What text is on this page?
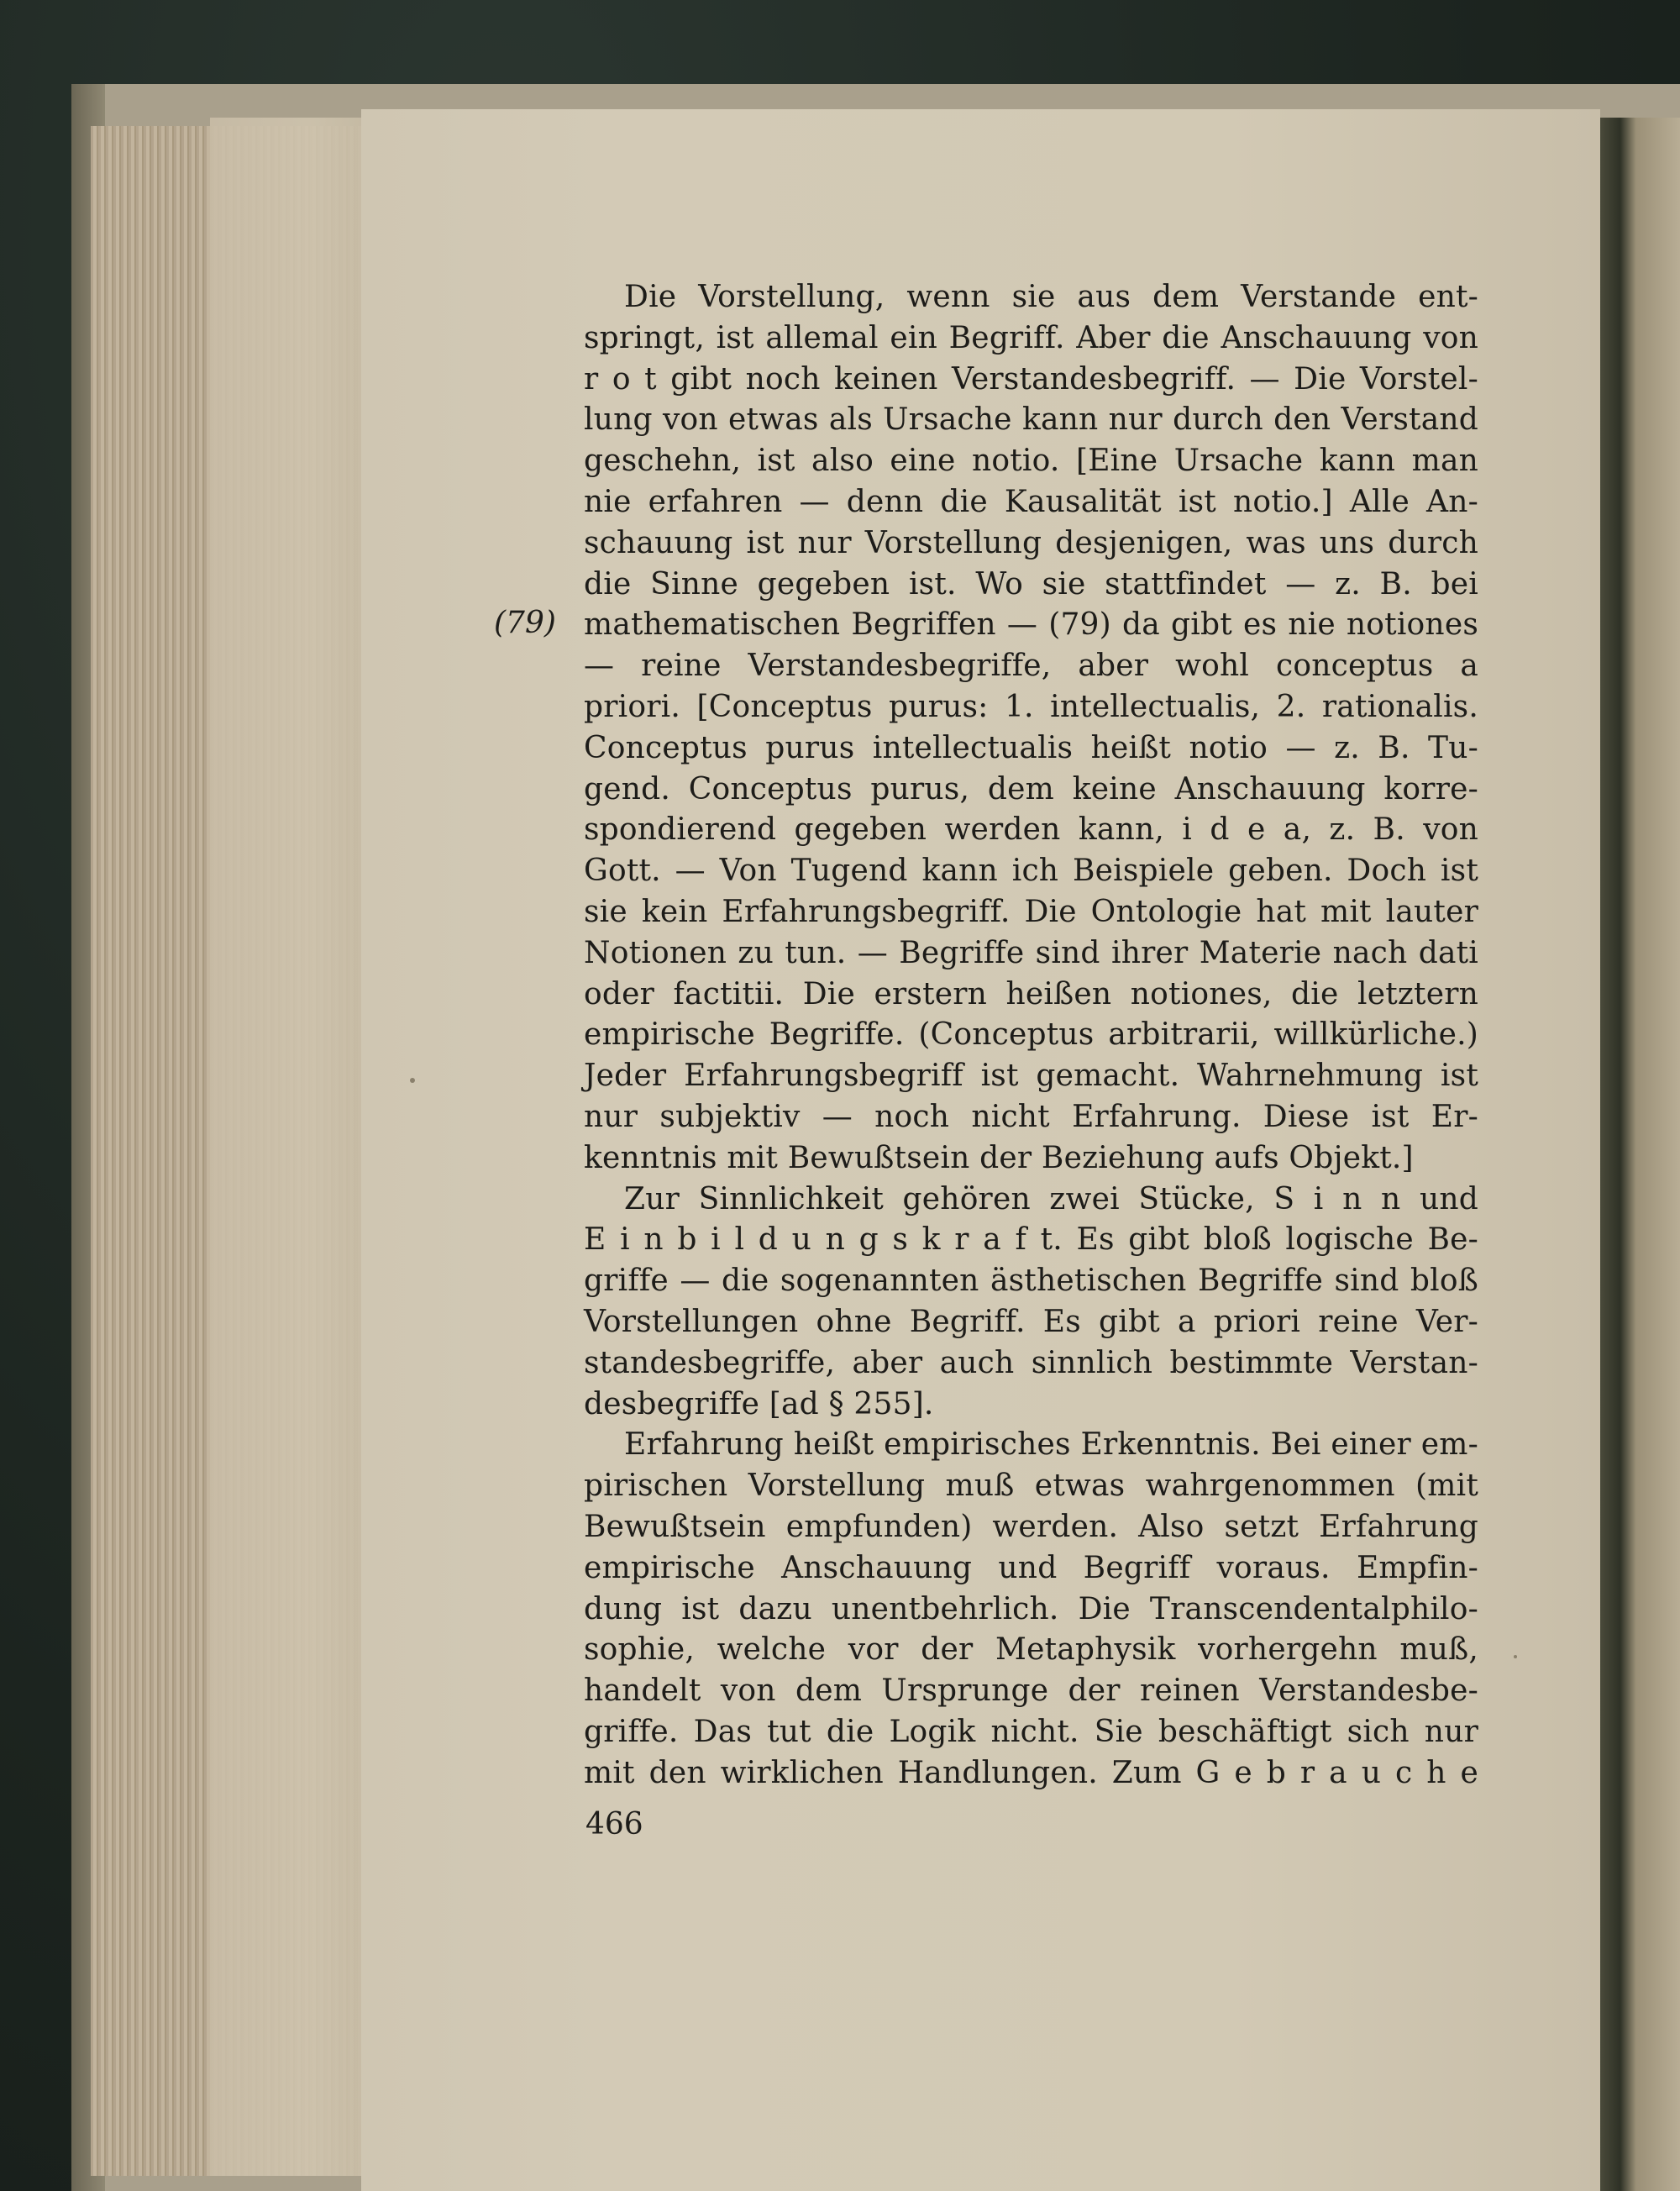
(79)
Die Vorstellung, wenn sie aus dem Verstande ent-
springt, ist allemal ein Begriff. Aber die Anschauung von
r o t gibt noch keinen Verstandesbegriff. — Die Vorstel-
lung von etwas als Ursache kann nur durch den Verstand
geschehn, ist also eine notio. [Eine Ursache kann man
nie erfahren — denn die Kausalität ist notio.] Alle An-
schauung ist nur Vorstellung desjenigen, was uns durch
die Sinne gegeben ist. Wo sie stattfindet — z. B. bei
mathematischen Begriffen — (79) da gibt es nie notiones
— reine Verstandesbegriffe, aber wohl conceptus a
priori. [Conceptus purus: 1. intellectualis, 2. rationalis.
Conceptus purus intellectualis heißt notio — z. B. Tu-
gend. Conceptus purus, dem keine Anschauung korre-
spondierend gegeben werden kann, i d e a, z. B. von
Gott. — Von Tugend kann ich Beispiele geben. Doch ist
sie kein Erfahrungsbegriff. Die Ontologie hat mit lauter
Notionen zu tun. — Begriffe sind ihrer Materie nach dati
oder factitii. Die erstern heißen notiones, die letztern
empirische Begriffe. (Conceptus arbitrarii, willkürliche.)
Jeder Erfahrungsbegriff ist gemacht. Wahrnehmung ist
nur subjektiv — noch nicht Erfahrung. Diese ist Er-
kenntnis mit Bewußtsein der Beziehung aufs Objekt.]
Zur Sinnlichkeit gehören zwei Stücke, S i n n und
E i n b i l d u n g s k r a f t. Es gibt bloß logische Be-
griffe — die sogenannten ästhetischen Begriffe sind bloß
Vorstellungen ohne Begriff. Es gibt a priori reine Ver-
standesbegriffe, aber auch sinnlich bestimmte Verstan-
desbegriffe [ad § 255].
Erfahrung heißt empirisches Erkenntnis. Bei einer em-
pirischen Vorstellung muß etwas wahrgenommen (mit
Bewußtsein empfunden) werden. Also setzt Erfahrung
empirische Anschauung und Begriff voraus. Empfin-
dung ist dazu unentbehrlich. Die Transcendentalphilo-
sophie, welche vor der Metaphysik vorhergehn muß,
handelt von dem Ursprunge der reinen Verstandesbe-
griffe. Das tut die Logik nicht. Sie beschäftigt sich nur
mit den wirklichen Handlungen. Zum G e b r a u c h e
466
